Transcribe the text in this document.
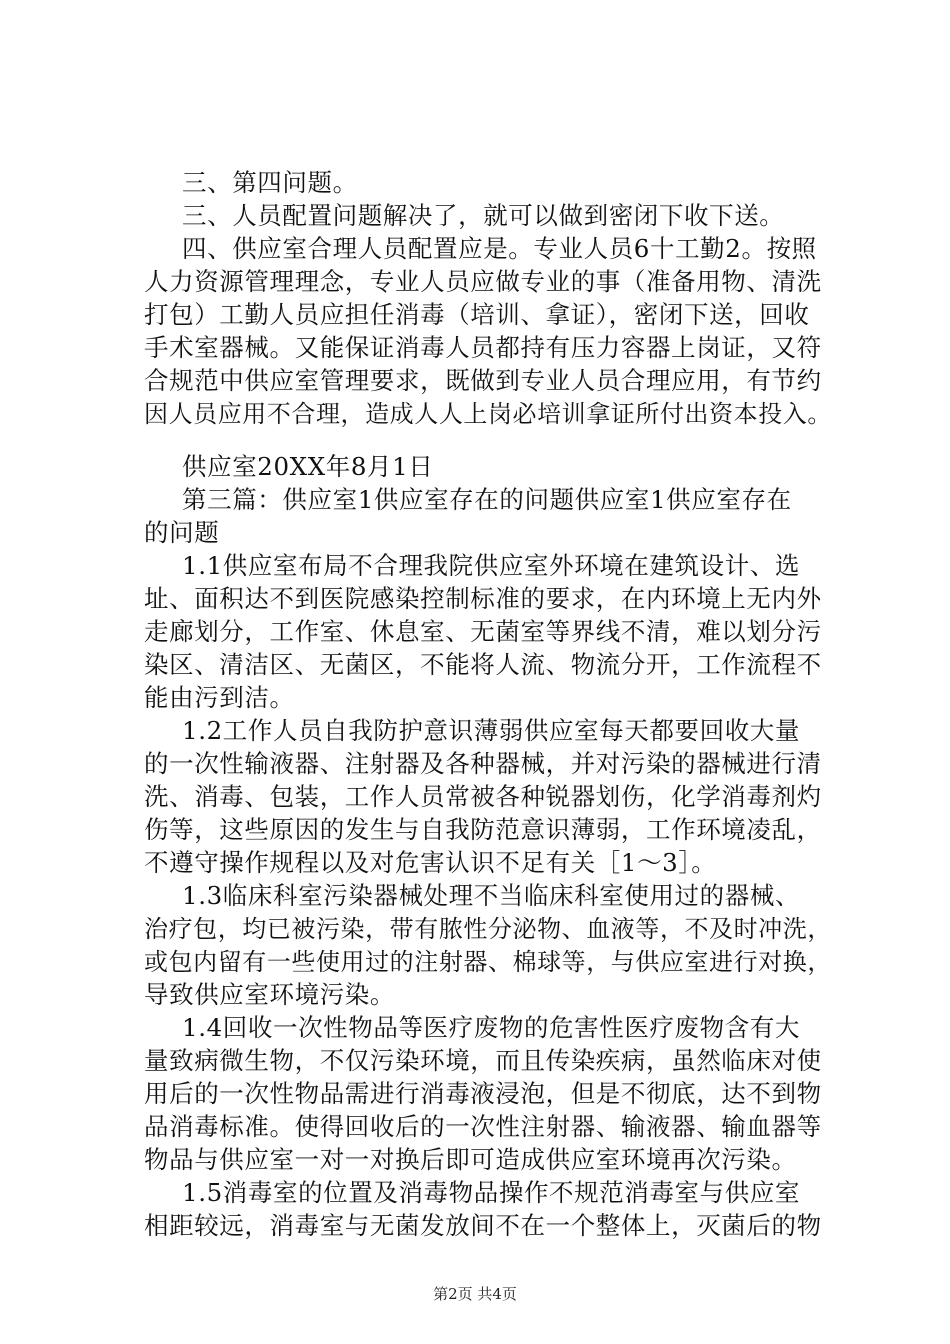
三、第四问题。
三、人员配置问题解决了，就可以做到密闭下收下送。
四、供应室合理人员配置应是。专业人员6十工勤2。按照
人力资源管理理念，专业人员应做专业的事（准备用物、清洗
打包）工勤人员应担任消毒（培训、拿证），密闭下送，回收
手术室器械。又能保证消毒人员都持有压力容器上岗证，又符
合规范中供应室管理要求，既做到专业人员合理应用，有节约
因人员应用不合理，造成人人上岗必培训拿证所付出资本投入。
供应室20XX年8月1日
第三篇：供应室1供应室存在的问题供应室1供应室存在
的问题
1.1供应室布局不合理我院供应室外环境在建筑设计、选
址、面积达不到医院感染控制标准的要求，在内环境上无内外
走廊划分，工作室、休息室、无菌室等界线不清，难以划分污
染区、清洁区、无菌区，不能将人流、物流分开，工作流程不
能由污到洁。
1.2工作人员自我防护意识薄弱供应室每天都要回收大量
的一次性输液器、注射器及各种器械，并对污染的器械进行清
洗、消毒、包装，工作人员常被各种锐器划伤，化学消毒剂灼
伤等，这些原因的发生与自我防范意识薄弱，工作环境凌乱，
不遵守操作规程以及对危害认识不足有关［1～3］。
1.3临床科室污染器械处理不当临床科室使用过的器械、
治疗包，均已被污染，带有脓性分泌物、血液等，不及时冲洗，
或包内留有一些使用过的注射器、棉球等，与供应室进行对换，
导致供应室环境污染。
1.4回收一次性物品等医疗废物的危害性医疗废物含有大
量致病微生物，不仅污染环境，而且传染疾病，虽然临床对使
用后的一次性物品需进行消毒液浸泡，但是不彻底，达不到物
品消毒标准。使得回收后的一次性注射器、输液器、输血器等
物品与供应室一对一对换后即可造成供应室环境再次污染。
1.5消毒室的位置及消毒物品操作不规范消毒室与供应室
相距较远，消毒室与无菌发放间不在一个整体上，灭菌后的物
第2页 共4页
